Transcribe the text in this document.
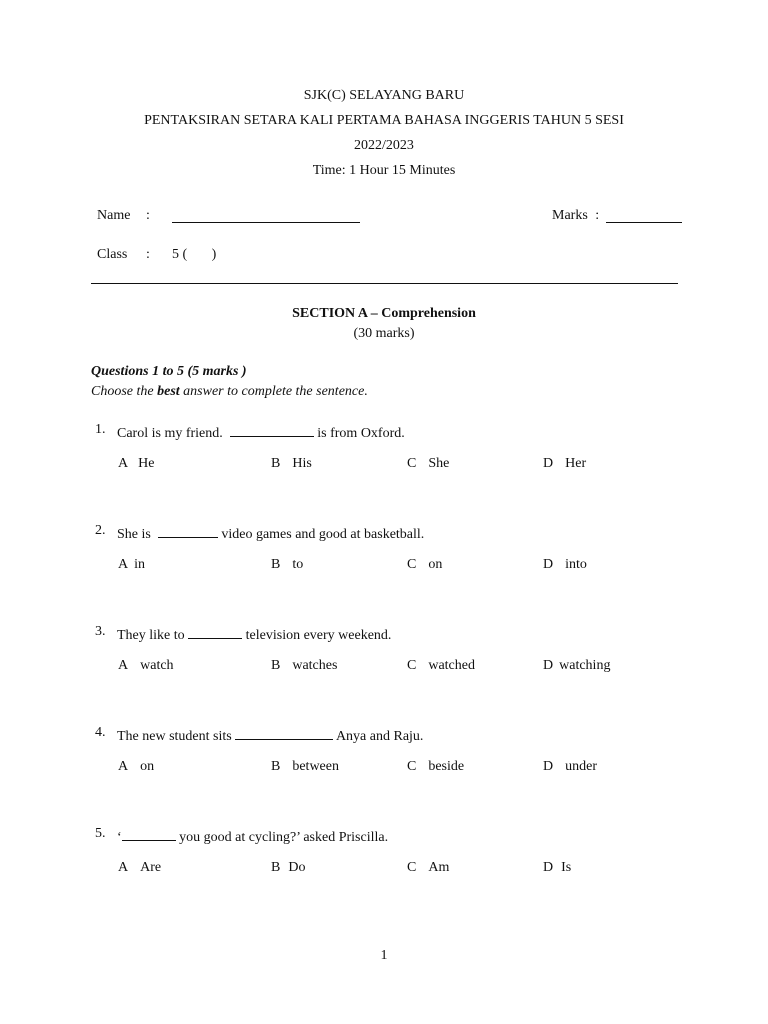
SJK(C) SELAYANG BARU
PENTAKSIRAN SETARA KALI PERTAMA BAHASA INGGERIS TAHUN 5 SESI
2022/2023
Time: 1 Hour 15 Minutes
Name :	Marks :
Class : 5 (       )
SECTION A – Comprehension
(30 marks)
Questions 1 to 5 (5 marks )
Choose the best answer to complete the sentence.
1. Carol is my friend.	is from Oxford.
A He	B His	C She	D Her
2. She is	video games and good at basketball.
A in	B to	C on	D into
3. They like to	television every weekend.
A watch	B watches	C watched	D watching
4. The new student sits	Anya and Raju.
A on	B between	C beside	D under
5. ‘	you good at cycling?’ asked Priscilla.
A Are	B Do	C Am	D Is
1
